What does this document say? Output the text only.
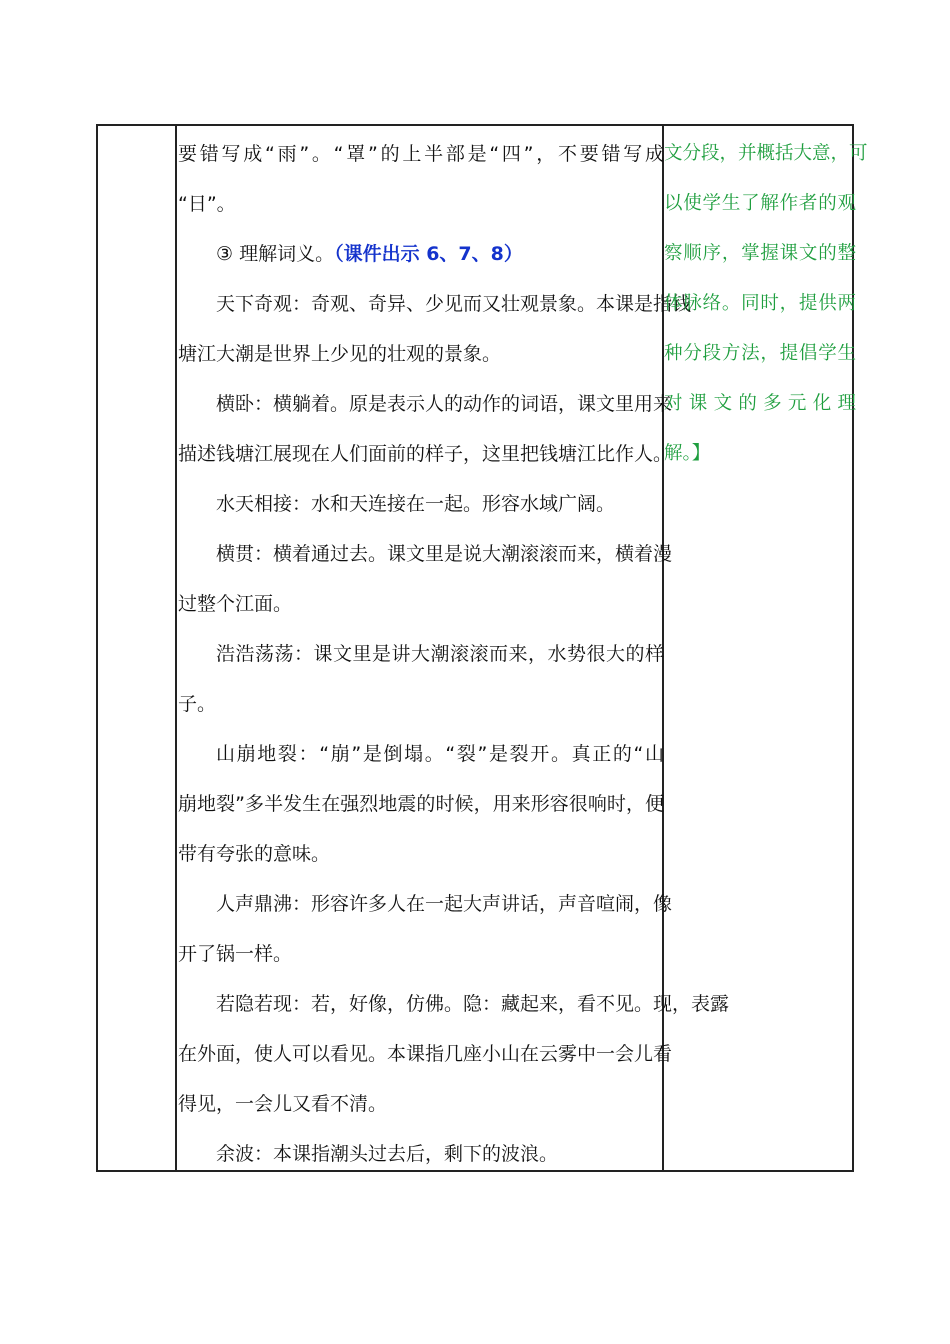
要错写成“雨”。“罩”的上半部是“四”，不要错写成
“日”。
③ 理解词义。（课件出示 6、7、8）
天下奇观：奇观、奇异、少见而又壮观景象。本课是指钱
塘江大潮是世界上少见的壮观的景象。
横卧：横躺着。原是表示人的动作的词语，课文里用来
描述钱塘江展现在人们面前的样子，这里把钱塘江比作人。
水天相接：水和天连接在一起。形容水域广阔。
横贯：横着通过去。课文里是说大潮滚滚而来，横着漫
过整个江面。
浩浩荡荡：课文里是讲大潮滚滚而来，水势很大的样
子。
山崩地裂：“崩”是倒塌。“裂”是裂开。真正的“山
崩地裂”多半发生在强烈地震的时候，用来形容很响时，便
带有夸张的意味。
人声鼎沸：形容许多人在一起大声讲话，声音喧闹，像
开了锅一样。
若隐若现：若，好像，仿佛。隐：藏起来，看不见。现，表露
在外面，使人可以看见。本课指几座小山在云雾中一会儿看
得见，一会儿又看不清。
余波：本课指潮头过去后，剩下的波浪。
文分段，并概括大意，可
以使学生了解作者的观
察顺序，掌握课文的整
体脉络。同时，提供两
种分段方法，提倡学生
对课文的多元化理
解。】
